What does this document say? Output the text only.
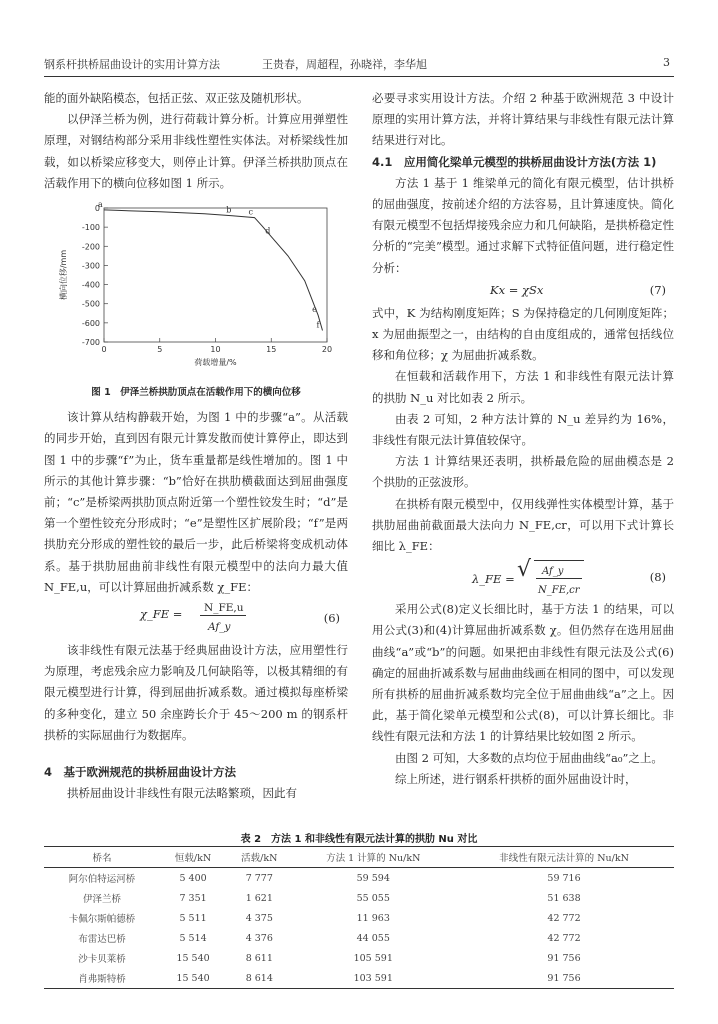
钢系杆拱桥屈曲设计的实用计算方法	王贵春，周超程，孙晓祥，李华旭	3

能的面外缺陷模态，包括正弦、双正弦及随机形状。

以伊泽兰桥为例，进行荷载计算分析。计算应用弹塑性原理，对钢结构部分采用非线性塑性实体法。对桥梁线性加载，如以桥梁应移变大，则停止计算。伊泽兰桥拱肋顶点在活载作用下的横向位移如图 1 所示。

0
-100
-200
-300
-400
-500
-600
-700
0	5	10	15	20
荷载增量/%
横向位移/mm
a
b c
d
e
f
图 1　伊泽兰桥拱肋顶点在活载作用下的横向位移

该计算从结构静载开始，为图 1 中的步骤“a”。从活载的同步开始，直到因有限元计算发散而使计算停止，即达到图 1 中的步骤“f”为止，货车重量都是线性增加的。图 1 中所示的其他计算步骤：“b”恰好在拱肋横截面达到屈曲强度前；“c”是桥梁两拱肋顶点附近第一个塑性铰发生时；“d”是第一个塑性铰充分形成时；“e”是塑性区扩展阶段；“f”是两拱肋充分形成的塑性铰的最后一步，此后桥梁将变成机动体系。基于拱肋屈曲前非线性有限元模型中的法向力最大值 N_FE,u，可以计算屈曲折减系数 χ_FE：

χ_FE = N_FE,u
Af_y
(6)

该非线性有限元法基于经典屈曲设计方法，应用塑性行为原理，考虑残余应力影响及几何缺陷等，以极其精细的有限元模型进行计算，得到屈曲折减系数。通过模拟每座桥梁的多种变化，建立 50 余座跨长介于 45～200 m 的钢系杆拱桥的实际屈曲行为数据库。

4　基于欧洲规范的拱桥屈曲设计方法

拱桥屈曲设计非线性有限元法略繁琐，因此有

必要寻求实用设计方法。介绍 2 种基于欧洲规范 3 中设计原理的实用计算方法，并将计算结果与非线性有限元法计算结果进行对比。

4.1　应用简化梁单元模型的拱桥屈曲设计方法(方法 1)

方法 1 基于 1 维梁单元的简化有限元模型，估计拱桥的屈曲强度，按前述介绍的方法容易，且计算速度快。简化有限元模型不包括焊接残余应力和几何缺陷，是拱桥稳定性分析的“完美”模型。通过求解下式特征值问题，进行稳定性分析：

Kx = χSx	(7)

式中，K 为结构刚度矩阵；S 为保持稳定的几何刚度矩阵；x 为屈曲振型之一，由结构的自由度组成的，通常包括线位移和角位移；χ 为屈曲折减系数。

在恒载和活载作用下，方法 1 和非线性有限元法计算的拱肋 N_u 对比如表 2 所示。

由表 2 可知，2 种方法计算的 N_u 差异约为 16%，非线性有限元法计算值较保守。

方法 1 计算结果还表明，拱桥最危险的屈曲模态是 2 个拱肋的正弦波形。

在拱桥有限元模型中，仅用线弹性实体模型计算，基于拱肋屈曲前截面最大法向力 N_FE,cr，可以用下式计算长细比 λ_FE：

λ_FE = √ Af_y
N_FE,cr
(8)

采用公式(8)定义长细比时，基于方法 1 的结果，可以用公式(3)和(4)计算屈曲折减系数 χ。但仍然存在选用屈曲曲线“a”或“b”的问题。如果把由非线性有限元法及公式(6)确定的屈曲折减系数与屈曲曲线画在相同的图中，可以发现所有拱桥的屈曲折减系数均完全位于屈曲曲线“a”之上。因此，基于简化梁单元模型和公式(8)，可以计算长细比。非线性有限元法和方法 1 的计算结果比较如图 2 所示。

由图 2 可知，大多数的点均位于屈曲曲线“a₀”之上。

综上所述，进行钢系杆拱桥的面外屈曲设计时，

表 2　方法 1 和非线性有限元法计算的拱肋 Nu 对比
桥名	恒载/kN	活载/kN	方法 1 计算的 Nu/kN	非线性有限元法计算的 Nu/kN
阿尔伯特运河桥	5 400	7 777	59 594	59 716
伊泽兰桥	7 351	1 621	55 055	51 638
卡佩尔斯帕德桥	5 511	4 375	11 963	42 772
布雷达巴桥	5 514	4 376	44 055	42 772
沙卡贝莱桥	15 540	8 611	105 591	91 756
肖弗斯特桥	15 540	8 614	103 591	91 756
